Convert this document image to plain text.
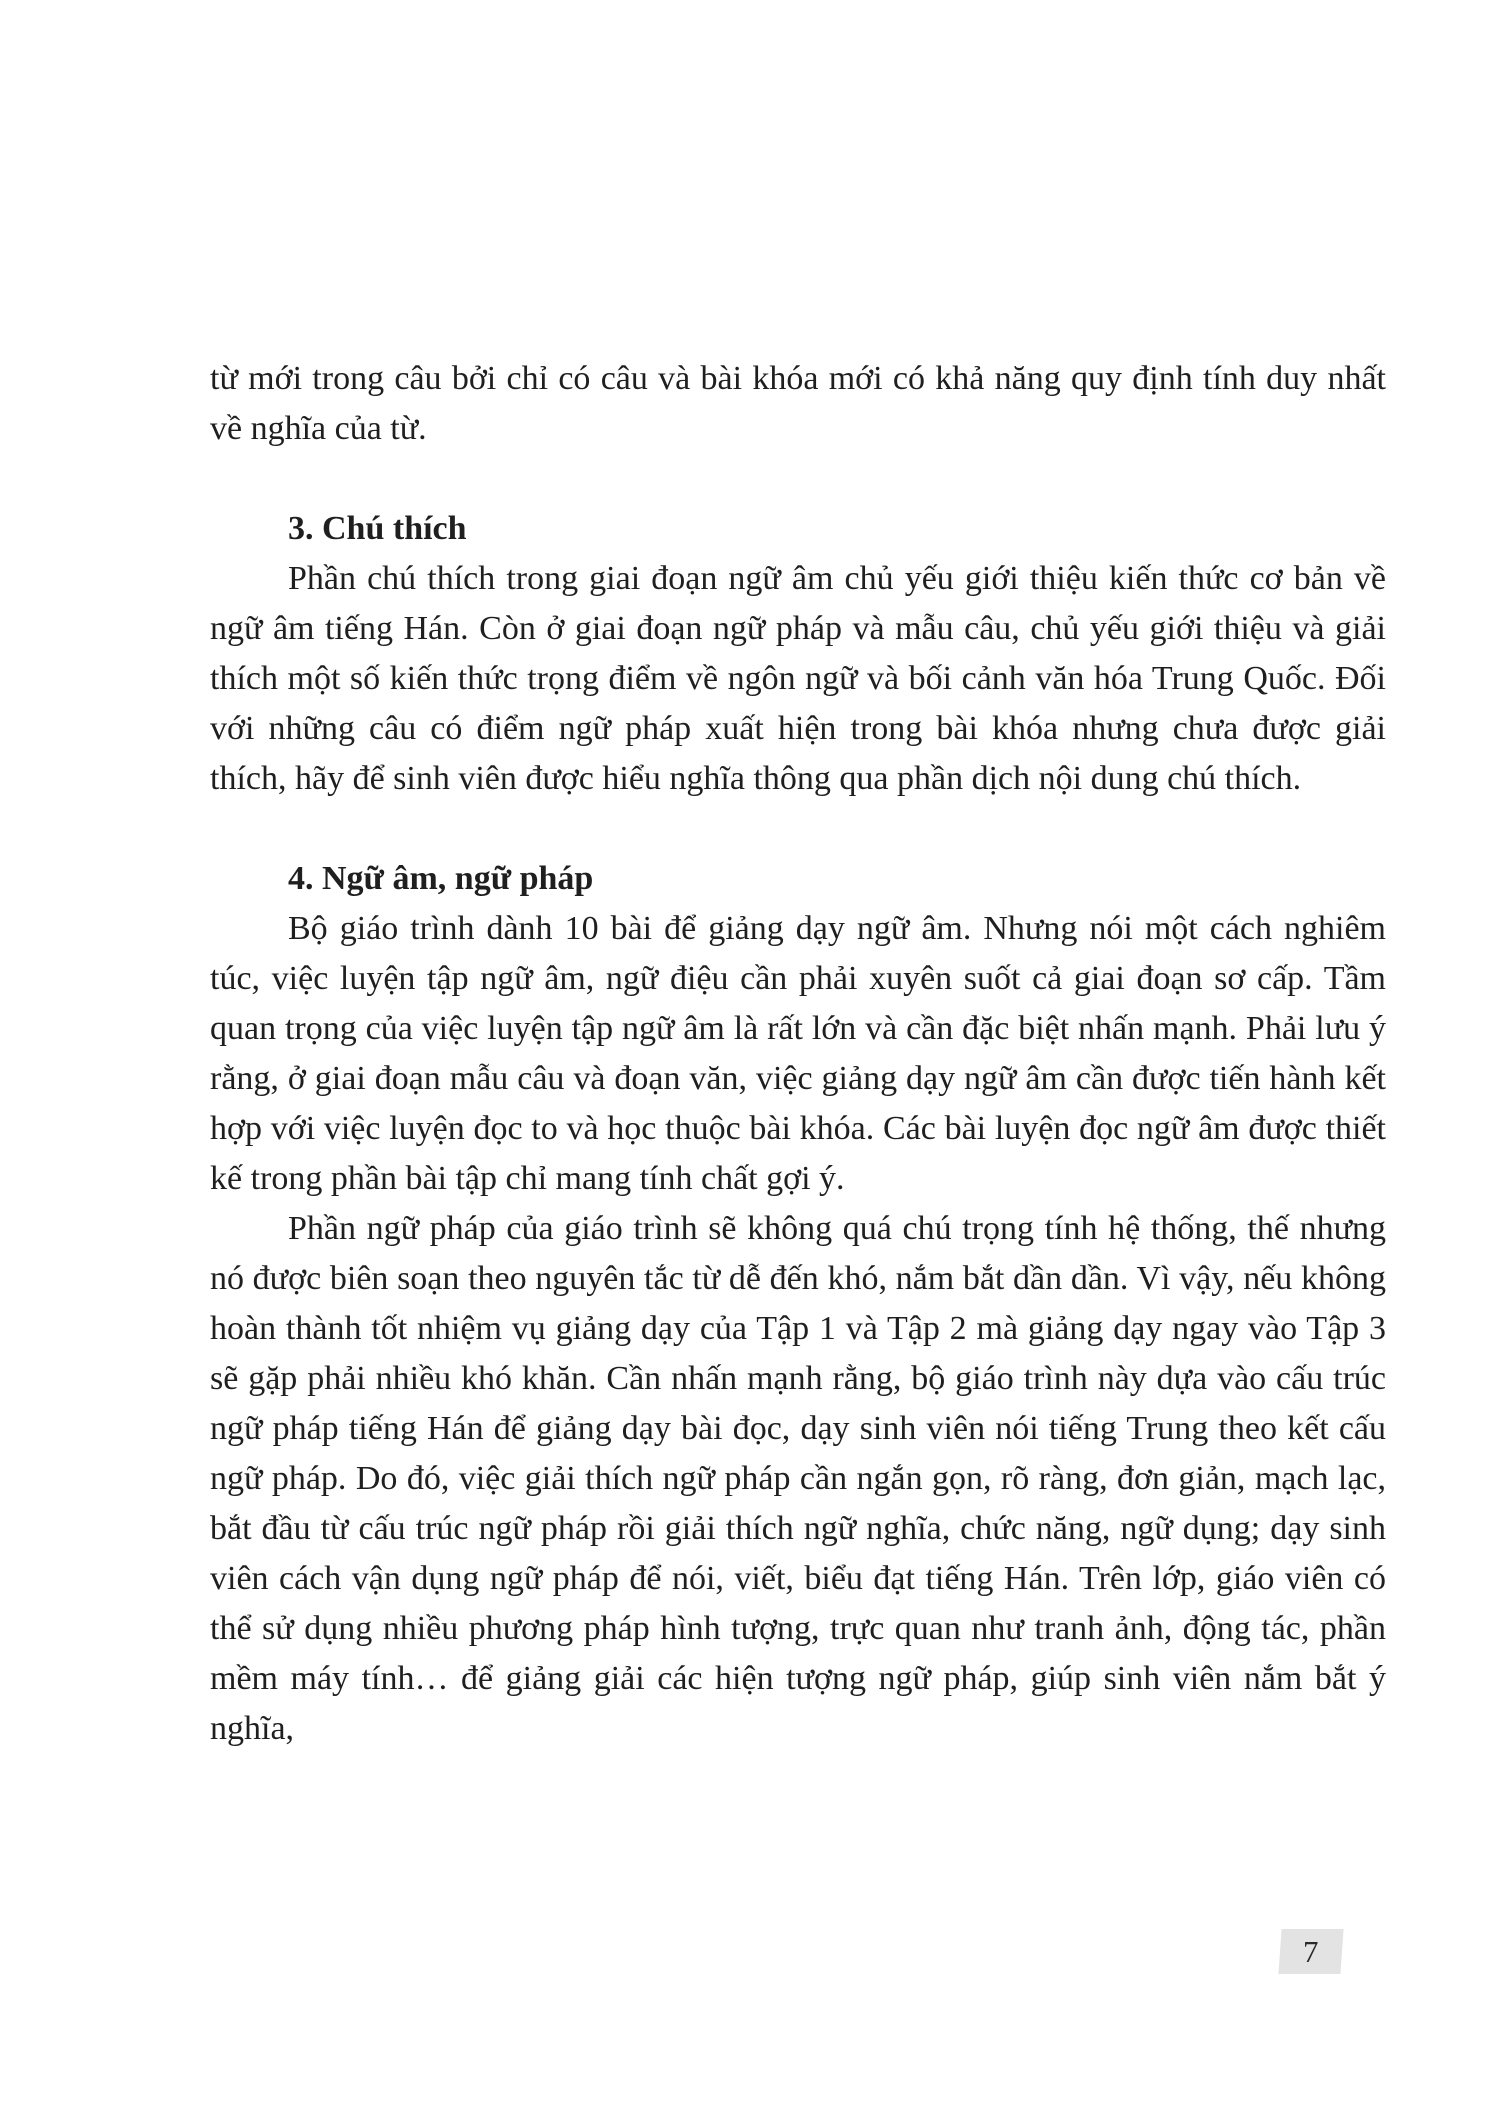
từ mới trong câu bởi chỉ có câu và bài khóa mới có khả năng quy định tính duy nhất về nghĩa của từ.

3. Chú thích

Phần chú thích trong giai đoạn ngữ âm chủ yếu giới thiệu kiến thức cơ bản về ngữ âm tiếng Hán. Còn ở giai đoạn ngữ pháp và mẫu câu, chủ yếu giới thiệu và giải thích một số kiến thức trọng điểm về ngôn ngữ và bối cảnh văn hóa Trung Quốc. Đối với những câu có điểm ngữ pháp xuất hiện trong bài khóa nhưng chưa được giải thích, hãy để sinh viên được hiểu nghĩa thông qua phần dịch nội dung chú thích.

4. Ngữ âm, ngữ pháp

Bộ giáo trình dành 10 bài để giảng dạy ngữ âm. Nhưng nói một cách nghiêm túc, việc luyện tập ngữ âm, ngữ điệu cần phải xuyên suốt cả giai đoạn sơ cấp. Tầm quan trọng của việc luyện tập ngữ âm là rất lớn và cần đặc biệt nhấn mạnh. Phải lưu ý rằng, ở giai đoạn mẫu câu và đoạn văn, việc giảng dạy ngữ âm cần được tiến hành kết hợp với việc luyện đọc to và học thuộc bài khóa. Các bài luyện đọc ngữ âm được thiết kế trong phần bài tập chỉ mang tính chất gợi ý.

Phần ngữ pháp của giáo trình sẽ không quá chú trọng tính hệ thống, thế nhưng nó được biên soạn theo nguyên tắc từ dễ đến khó, nắm bắt dần dần. Vì vậy, nếu không hoàn thành tốt nhiệm vụ giảng dạy của Tập 1 và Tập 2 mà giảng dạy ngay vào Tập 3 sẽ gặp phải nhiều khó khăn. Cần nhấn mạnh rằng, bộ giáo trình này dựa vào cấu trúc ngữ pháp tiếng Hán để giảng dạy bài đọc, dạy sinh viên nói tiếng Trung theo kết cấu ngữ pháp. Do đó, việc giải thích ngữ pháp cần ngắn gọn, rõ ràng, đơn giản, mạch lạc, bắt đầu từ cấu trúc ngữ pháp rồi giải thích ngữ nghĩa, chức năng, ngữ dụng; dạy sinh viên cách vận dụng ngữ pháp để nói, viết, biểu đạt tiếng Hán. Trên lớp, giáo viên có thể sử dụng nhiều phương pháp hình tượng, trực quan như tranh ảnh, động tác, phần mềm máy tính… để giảng giải các hiện tượng ngữ pháp, giúp sinh viên nắm bắt ý nghĩa,

7
